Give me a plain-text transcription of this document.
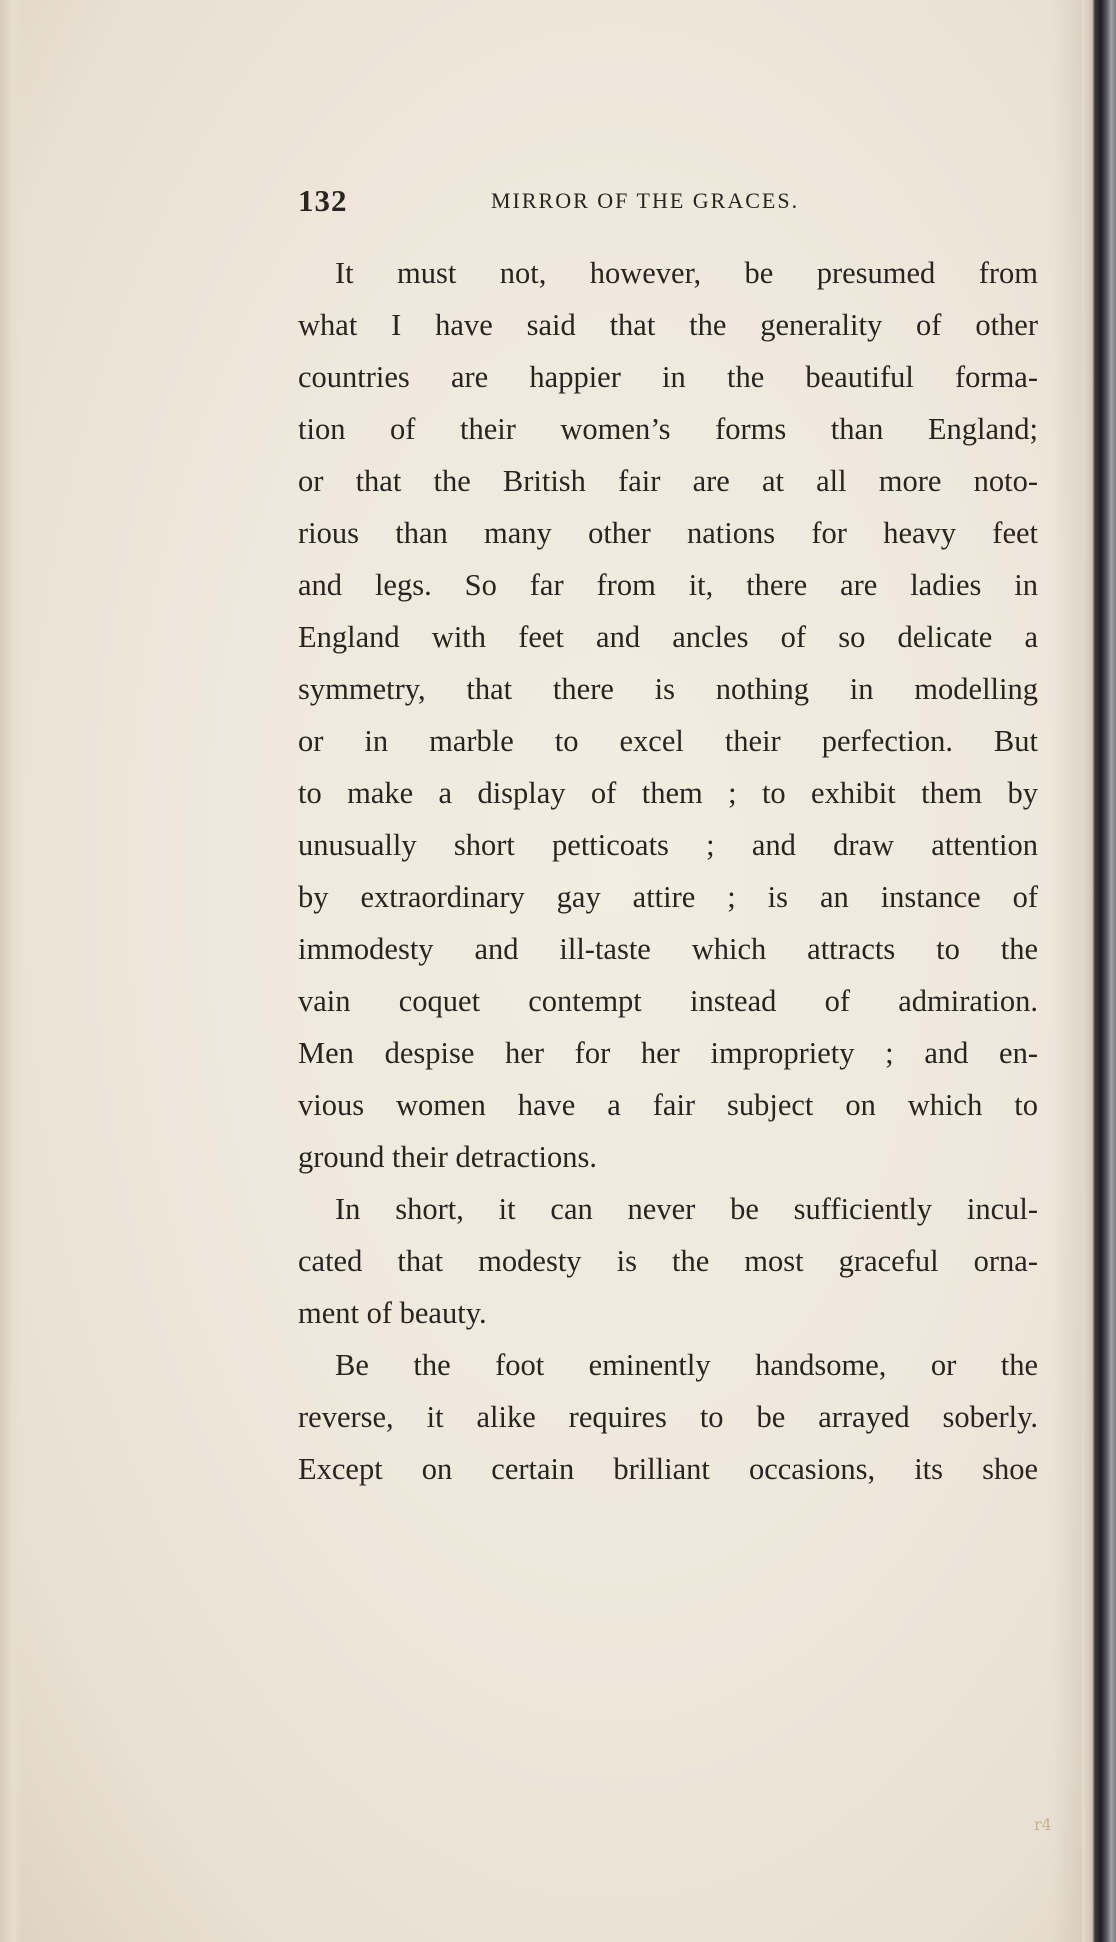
132	MIRROR OF THE GRACES.
It must not, however, be presumed from
what I have said that the generality of other
countries are happier in the beautiful forma-
tion of their women’s forms than England;
or that the British fair are at all more noto-
rious than many other nations for heavy feet
and legs. So far from it, there are ladies in
England with feet and ancles of so delicate a
symmetry, that there is nothing in modelling
or in marble to excel their perfection. But
to make a display of them ; to exhibit them by
unusually short petticoats ; and draw attention
by extraordinary gay attire ; is an instance of
immodesty and ill-taste which attracts to the
vain coquet contempt instead of admiration.
Men despise her for her impropriety ; and en-
vious women have a fair subject on which to
ground their detractions.
In short, it can never be sufficiently incul-
cated that modesty is the most graceful orna-
ment of beauty.
Be the foot eminently handsome, or the
reverse, it alike requires to be arrayed soberly.
Except on certain brilliant occasions, its shoe
r4
